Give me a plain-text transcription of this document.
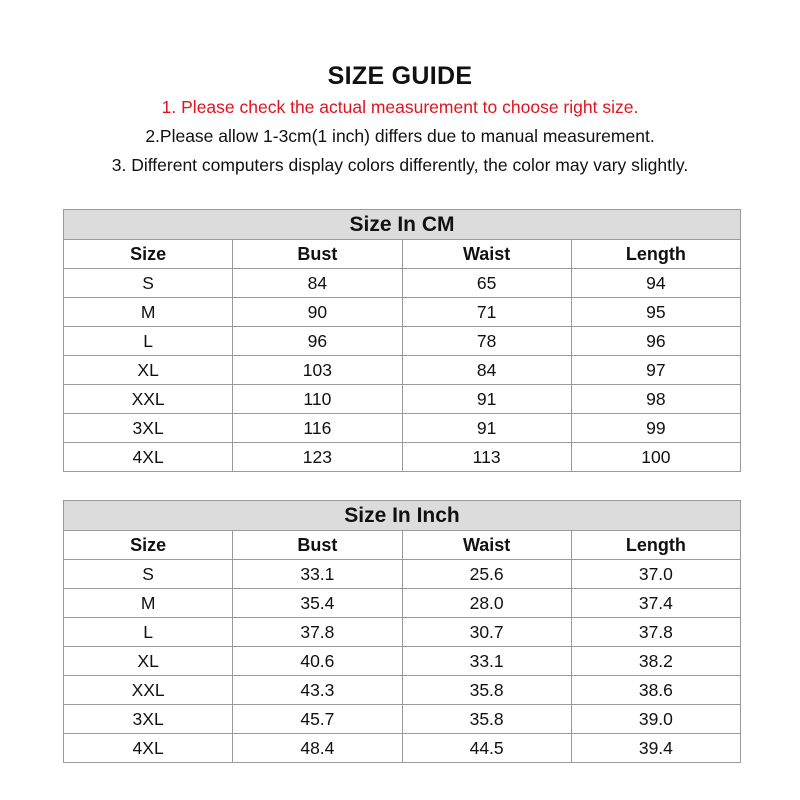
SIZE GUIDE
1. Please check the actual measurement to choose right size.
2.Please allow 1-3cm(1 inch) differs due to manual measurement.
3. Different computers display colors differently, the color may vary slightly.
Size In CM			
Size	Bust	Waist	Length
S	84	65	94
M	90	71	95
L	96	78	96
XL	103	84	97
XXL	110	91	98
3XL	116	91	99
4XL	123	113	100
Size In Inch			
Size	Bust	Waist	Length
S	33.1	25.6	37.0
M	35.4	28.0	37.4
L	37.8	30.7	37.8
XL	40.6	33.1	38.2
XXL	43.3	35.8	38.6
3XL	45.7	35.8	39.0
4XL	48.4	44.5	39.4
